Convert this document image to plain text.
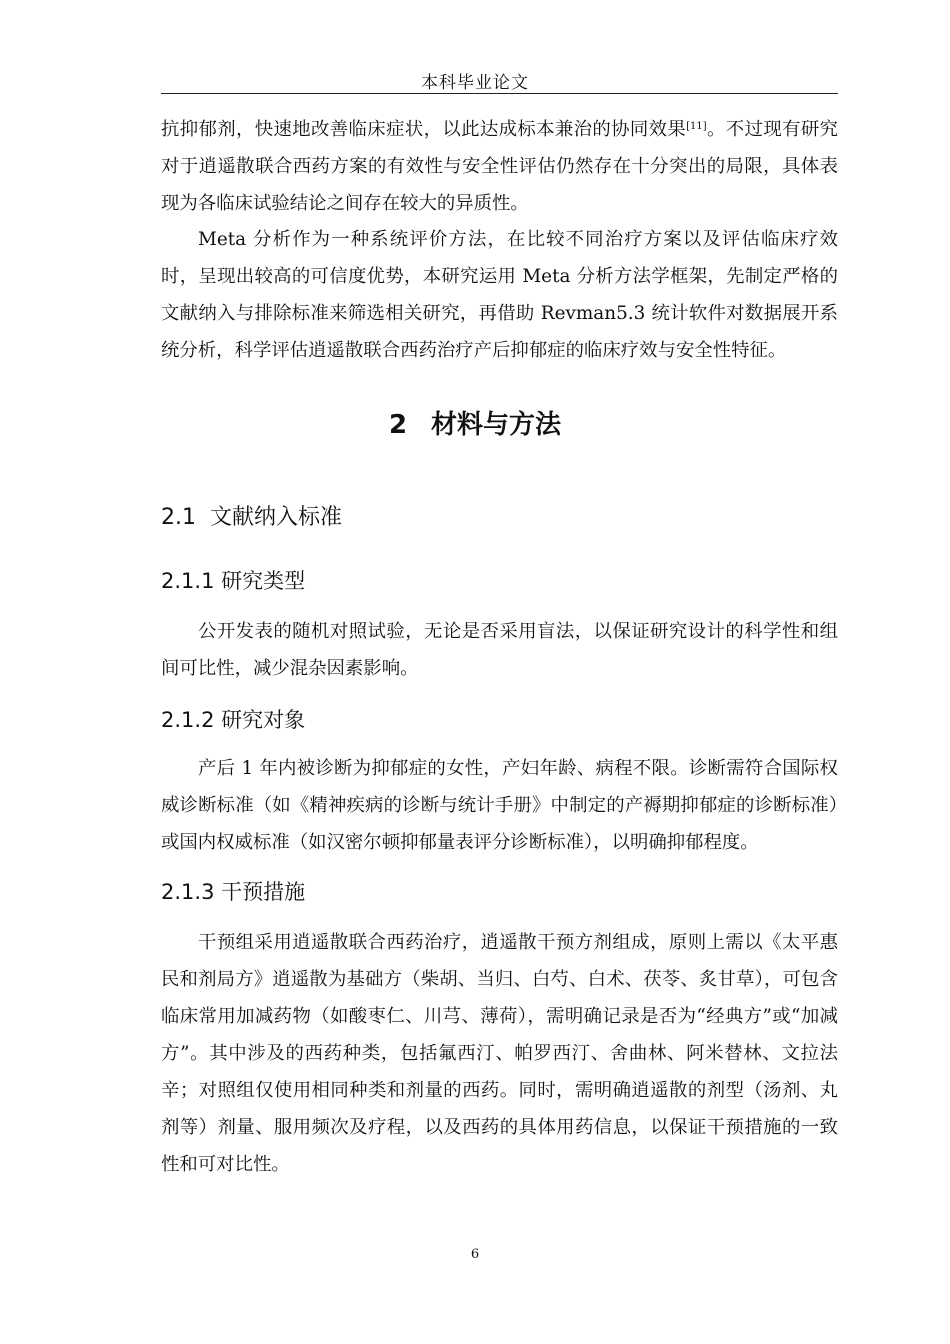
本科毕业论文

抗抑郁剂，快速地改善临床症状，以此达成标本兼治的协同效果[11]。不过现有研究对于逍遥散联合西药方案的有效性与安全性评估仍然存在十分突出的局限，具体表现为各临床试验结论之间存在较大的异质性。

Meta 分析作为一种系统评价方法，在比较不同治疗方案以及评估临床疗效时，呈现出较高的可信度优势，本研究运用 Meta 分析方法学框架，先制定严格的文献纳入与排除标准来筛选相关研究，再借助 Revman5.3 统计软件对数据展开系统分析，科学评估逍遥散联合西药治疗产后抑郁症的临床疗效与安全性特征。

2 材料与方法
2.1 文献纳入标准
2.1.1 研究类型

公开发表的随机对照试验，无论是否采用盲法，以保证研究设计的科学性和组间可比性，减少混杂因素影响。

2.1.2 研究对象

产后 1 年内被诊断为抑郁症的女性，产妇年龄、病程不限。诊断需符合国际权威诊断标准（如《精神疾病的诊断与统计手册》中制定的产褥期抑郁症的诊断标准）或国内权威标准（如汉密尔顿抑郁量表评分诊断标准），以明确抑郁程度。

2.1.3 干预措施

干预组采用逍遥散联合西药治疗，逍遥散干预方剂组成，原则上需以《太平惠民和剂局方》逍遥散为基础方（柴胡、当归、白芍、白术、茯苓、炙甘草），可包含临床常用加减药物（如酸枣仁、川芎、薄荷），需明确记录是否为“经典方”或“加减方”。其中涉及的西药种类，包括氟西汀、帕罗西汀、舍曲林、阿米替林、文拉法辛；对照组仅使用相同种类和剂量的西药。同时，需明确逍遥散的剂型（汤剂、丸剂等）剂量、服用频次及疗程，以及西药的具体用药信息，以保证干预措施的一致性和可对比性。

6
